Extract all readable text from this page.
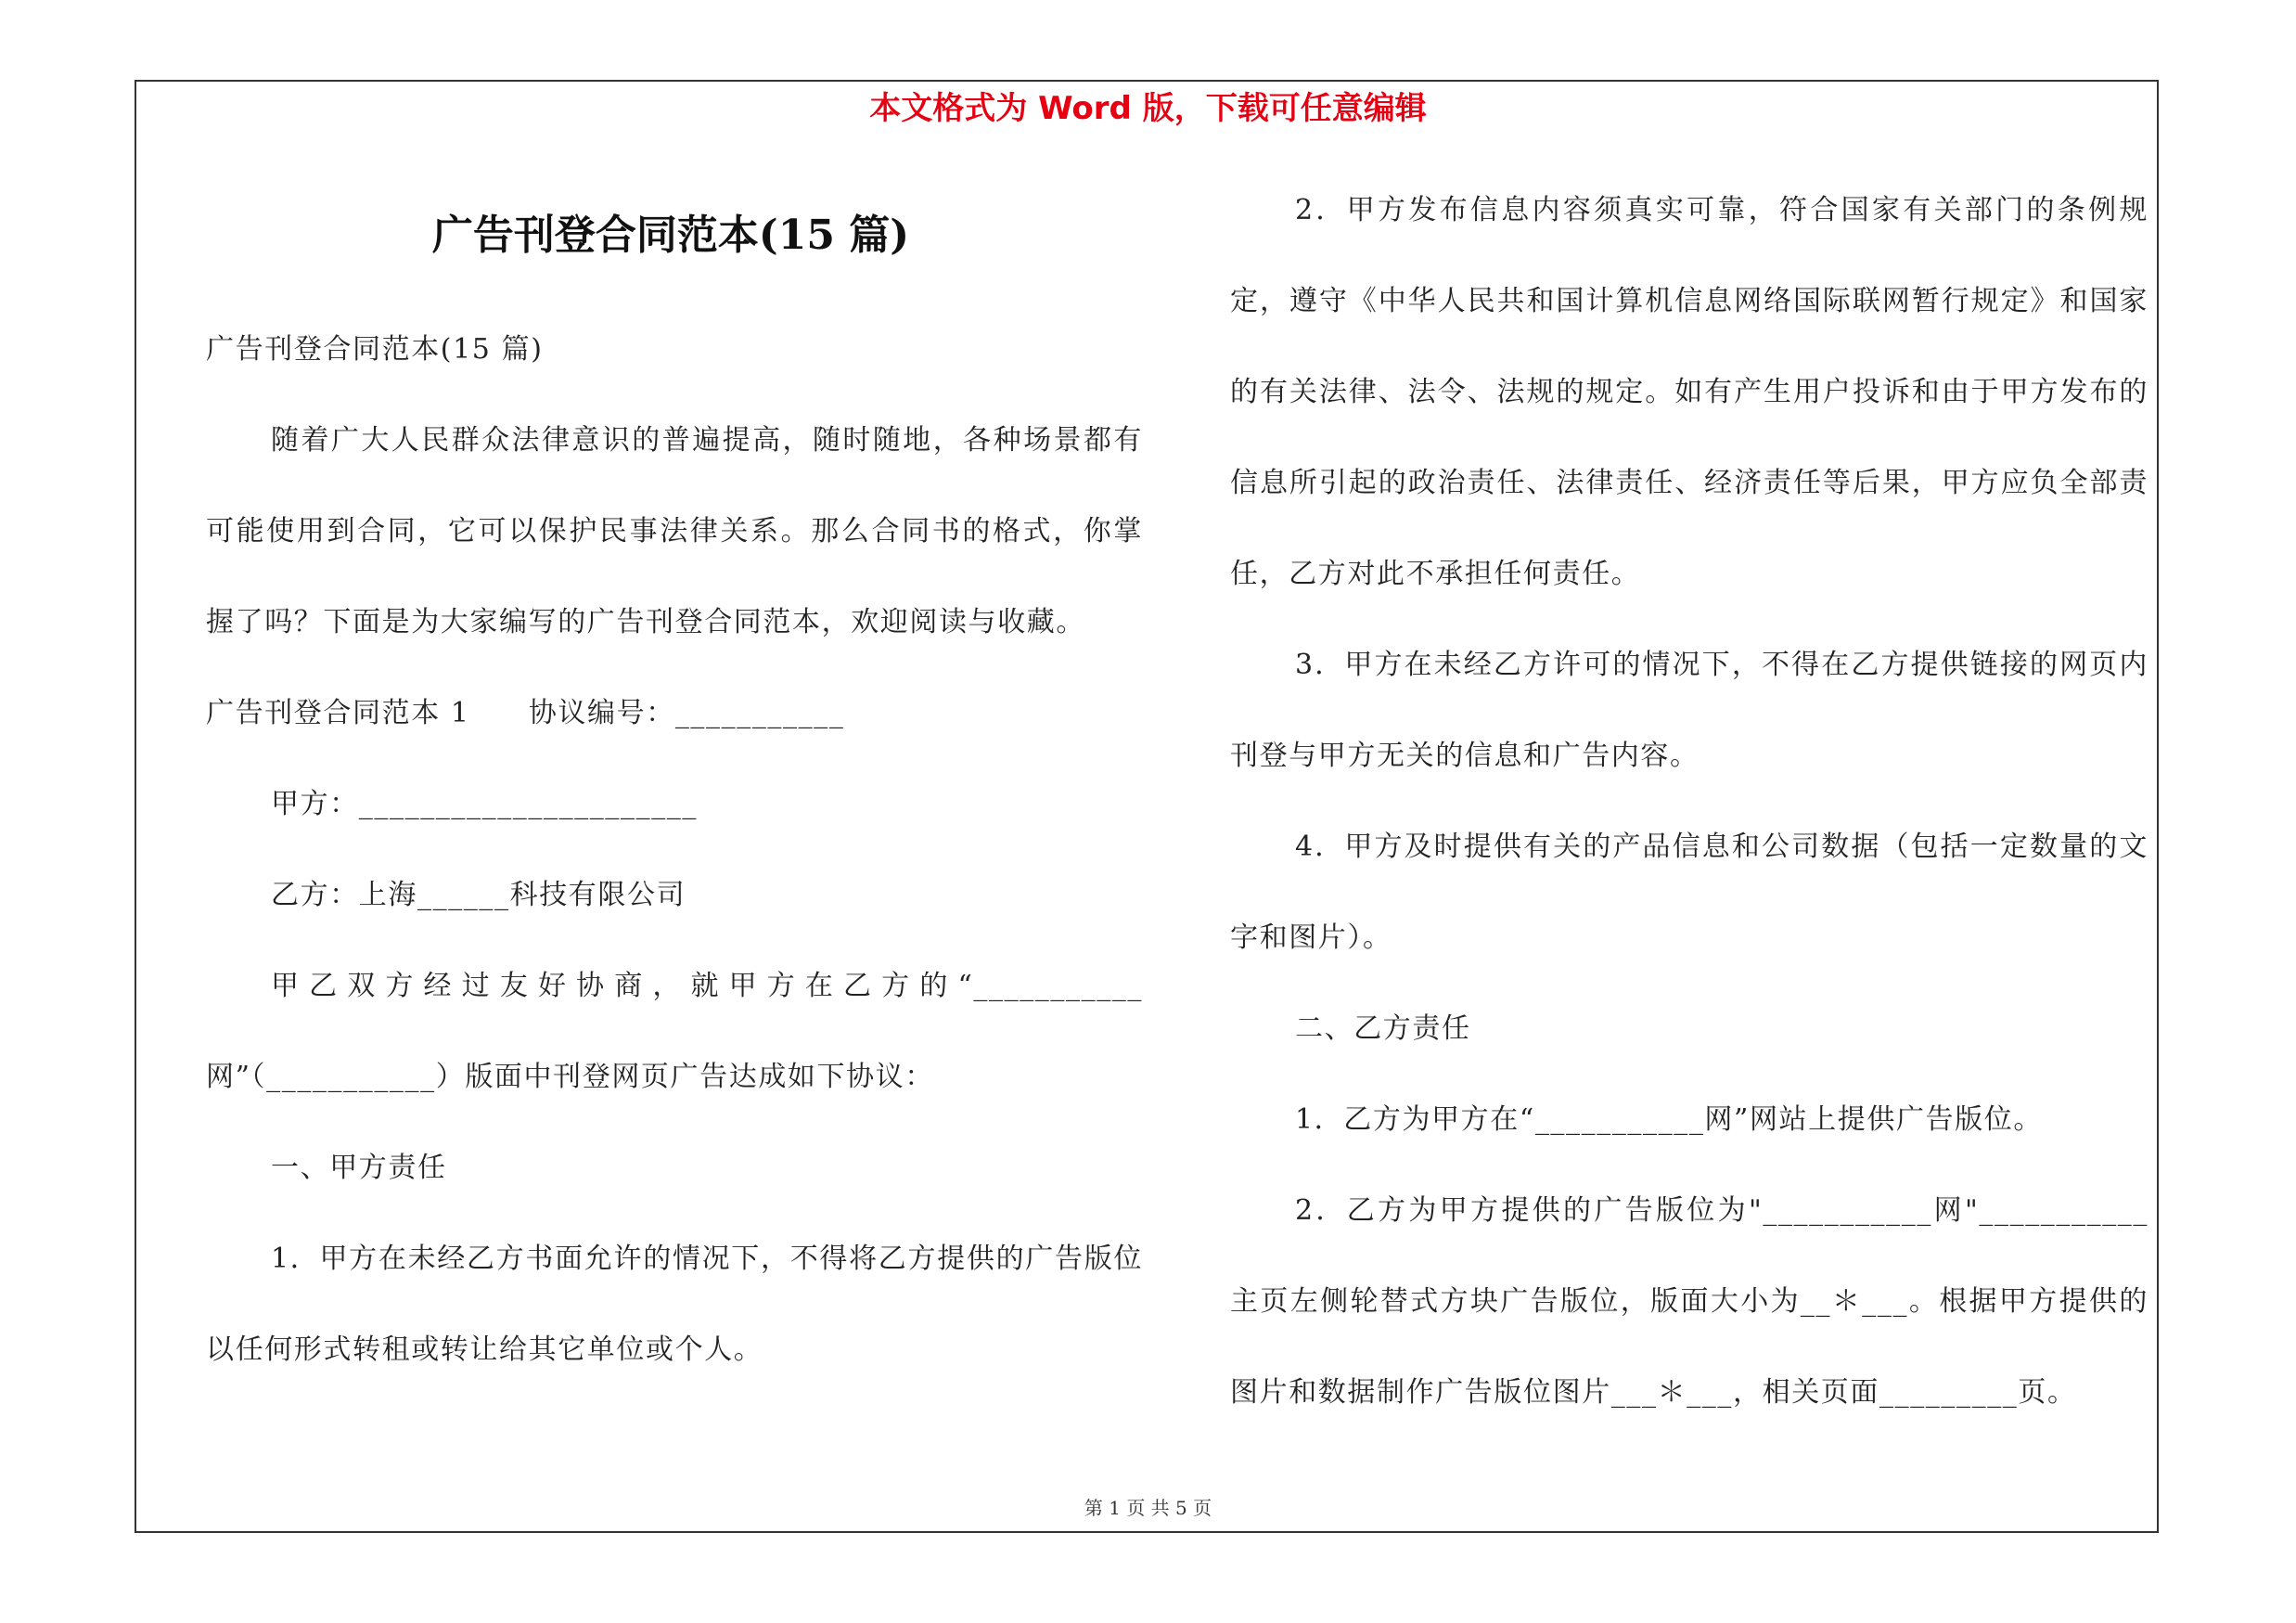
本文格式为 Word 版，下载可任意编辑
广告刊登合同范本(15 篇)

广告刊登合同范本(15 篇)

随着广大人民群众法律意识的普遍提高，随时随地，各种场景都有可能使用到合同，它可以保护民事法律关系。那么合同书的格式，你掌握了吗？下面是为大家编写的广告刊登合同范本，欢迎阅读与收藏。

广告刊登合同范本 1　　协议编号：___________

甲方：______________________

乙方：上海______科技有限公司

甲乙双方经过友好协商，就甲方在乙方的“___________网”（___________）版面中刊登网页广告达成如下协议：

一、甲方责任

1．甲方在未经乙方书面允许的情况下，不得将乙方提供的广告版位以任何形式转租或转让给其它单位或个人。

2．甲方发布信息内容须真实可靠，符合国家有关部门的条例规定，遵守《中华人民共和国计算机信息网络国际联网暂行规定》和国家的有关法律、法令、法规的规定。如有产生用户投诉和由于甲方发布的信息所引起的政治责任、法律责任、经济责任等后果，甲方应负全部责任，乙方对此不承担任何责任。

3．甲方在未经乙方许可的情况下，不得在乙方提供链接的网页内刊登与甲方无关的信息和广告内容。

4．甲方及时提供有关的产品信息和公司数据（包括一定数量的文字和图片）。

二、乙方责任

1．乙方为甲方在“___________网”网站上提供广告版位。

2．乙方为甲方提供的广告版位为"___________网"___________主页左侧轮替式方块广告版位，版面大小为__＊___。根据甲方提供的图片和数据制作广告版位图片___＊___，相关页面_________页。

第 1 页 共 5 页
